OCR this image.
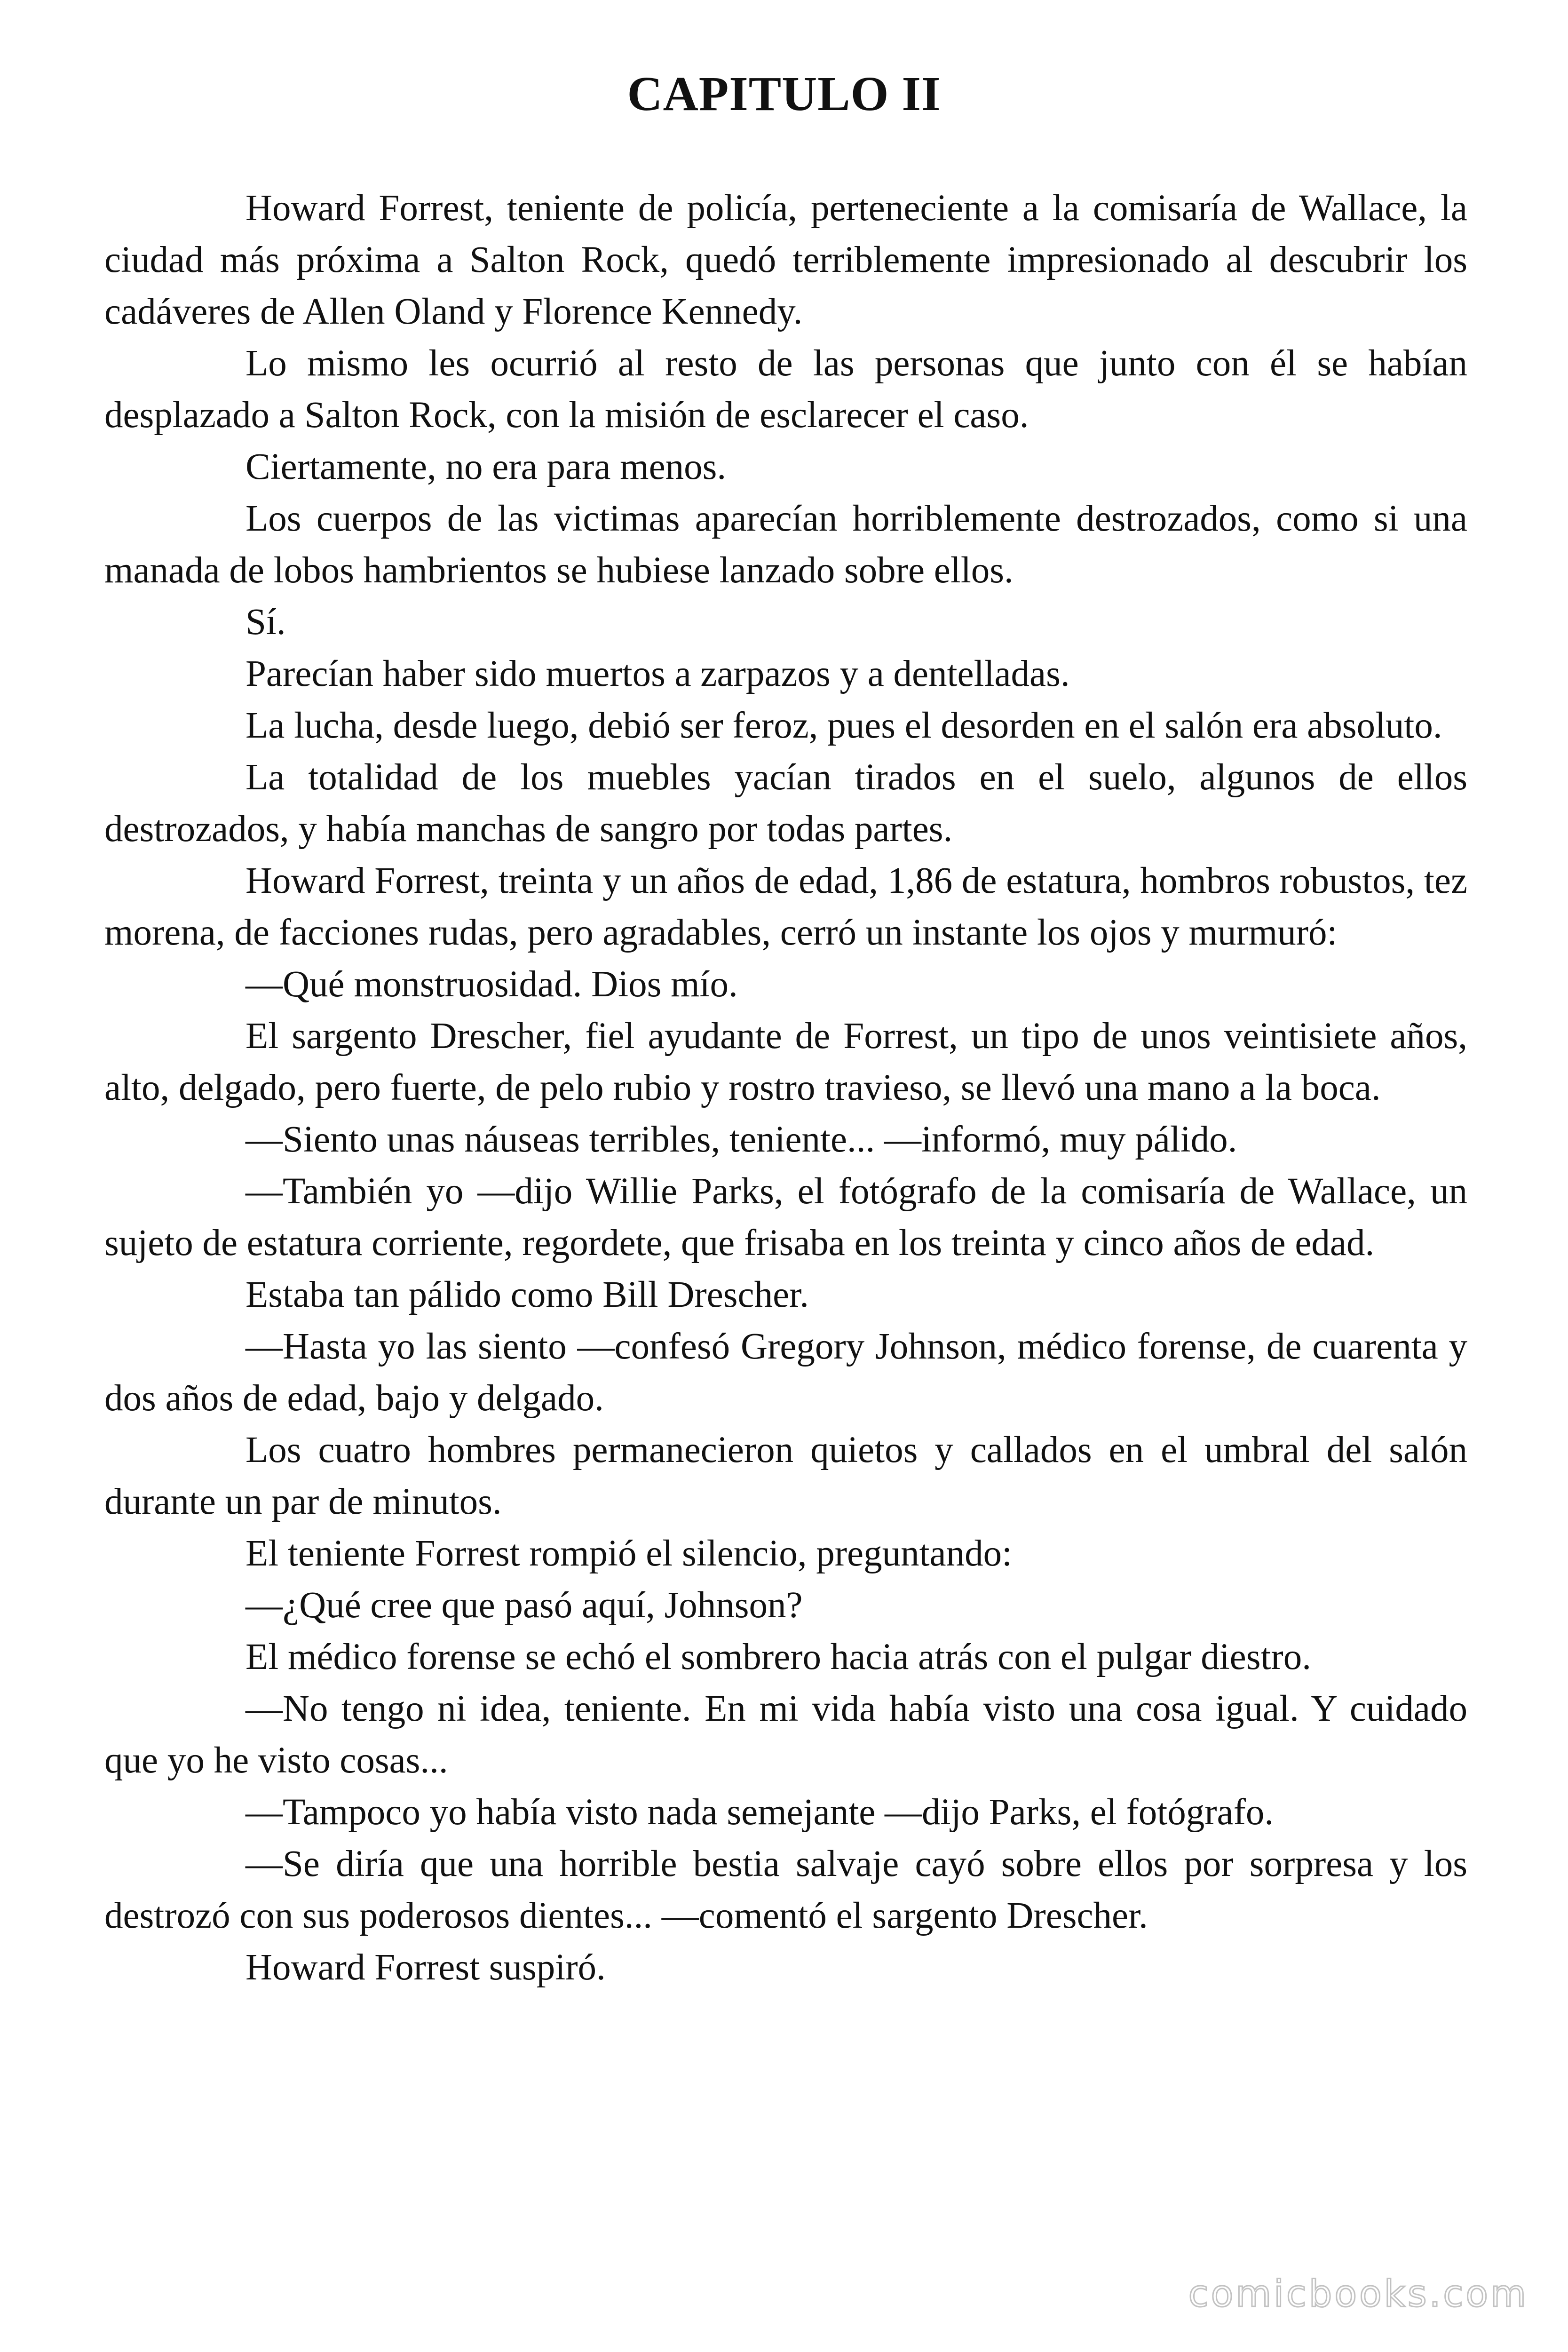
CAPITULO II

Howard Forrest, teniente de policía, perteneciente a la comisaría de Wallace, la ciudad más próxima a Salton Rock, quedó terriblemente impresionado al descubrir los cadáveres de Allen Oland y Florence Kennedy.

Lo mismo les ocurrió al resto de las personas que junto con él se habían desplazado a Salton Rock, con la misión de esclarecer el caso.

Ciertamente, no era para menos.

Los cuerpos de las victimas aparecían horriblemente destrozados, como si una manada de lobos hambrientos se hubiese lanzado sobre ellos.

Sí.

Parecían haber sido muertos a zarpazos y a dentelladas.

La lucha, desde luego, debió ser feroz, pues el desorden en el salón era absoluto.

La totalidad de los muebles yacían tirados en el suelo, algunos de ellos destrozados, y había manchas de sangro por todas partes.

Howard Forrest, treinta y un años de edad, 1,86 de estatura, hombros robustos, tez morena, de facciones rudas, pero agradables, cerró un instante los ojos y murmuró:

—Qué monstruosidad. Dios mío.

El sargento Drescher, fiel ayudante de Forrest, un tipo de unos veintisiete años, alto, delgado, pero fuerte, de pelo rubio y rostro travieso, se llevó una mano a la boca.

—Siento unas náuseas terribles, teniente... —informó, muy pálido.

—También yo —dijo Willie Parks, el fotógrafo de la comisaría de Wallace, un sujeto de estatura corriente, regordete, que frisaba en los treinta y cinco años de edad.

Estaba tan pálido como Bill Drescher.

—Hasta yo las siento —confesó Gregory Johnson, médico forense, de cuarenta y dos años de edad, bajo y delgado.

Los cuatro hombres permanecieron quietos y callados en el umbral del salón durante un par de minutos.

El teniente Forrest rompió el silencio, preguntando:

—¿Qué cree que pasó aquí, Johnson?

El médico forense se echó el sombrero hacia atrás con el pulgar diestro.

—No tengo ni idea, teniente. En mi vida había visto una cosa igual. Y cuidado que yo he visto cosas...

—Tampoco yo había visto nada semejante —dijo Parks, el fotógrafo.

—Se diría que una horrible bestia salvaje cayó sobre ellos por sorpresa y los destrozó con sus poderosos dientes... —comentó el sargento Drescher.

Howard Forrest suspiró.

comicbooks.com
